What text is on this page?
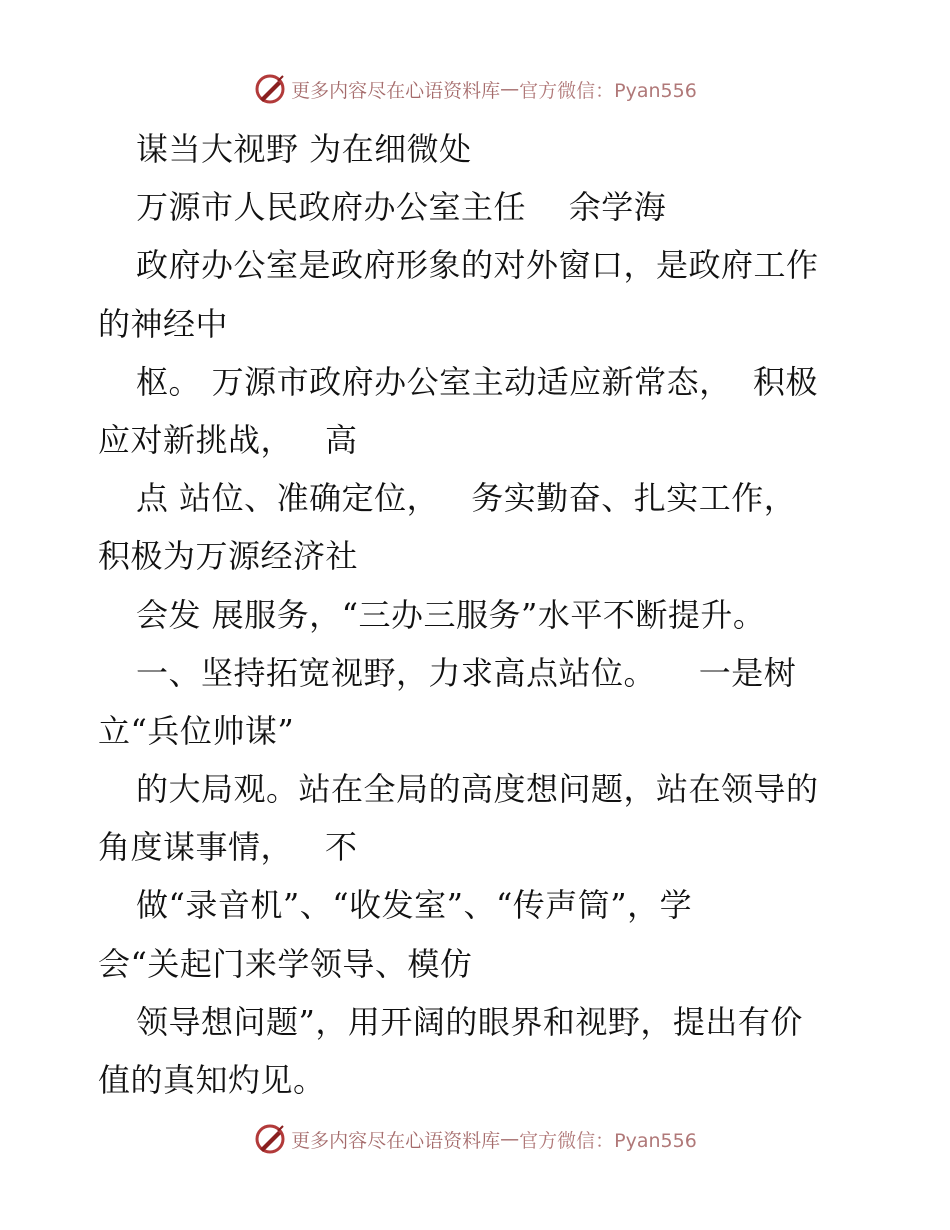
更多内容尽在心语资料库 — 官方微信：Pyan556
谋当大视野 为在细微处
万源市人民政府办公室主任    余学海
政府办公室是政府形象的对外窗口，是政府工作
的神经中
枢。 万源市政府办公室主动适应新常态，  积极
应对新挑战，   高
点 站位、准确定位，   务实勤奋、扎实工作，
积极为万源经济社
会发 展服务，“三办三服务”水平不断提升。
一、坚持拓宽视野，力求高点站位。    一是树
立“兵位帅谋”
的大局观。站在全局的高度想问题，站在领导的
角度谋事情，   不
做“录音机”、“收发室”、“传声筒”，学
会“关起门来学领导、模仿
领导想问题”，用开阔的眼界和视野，提出有价
值的真知灼见。
更多内容尽在心语资料库 — 官方微信：Pyan556
